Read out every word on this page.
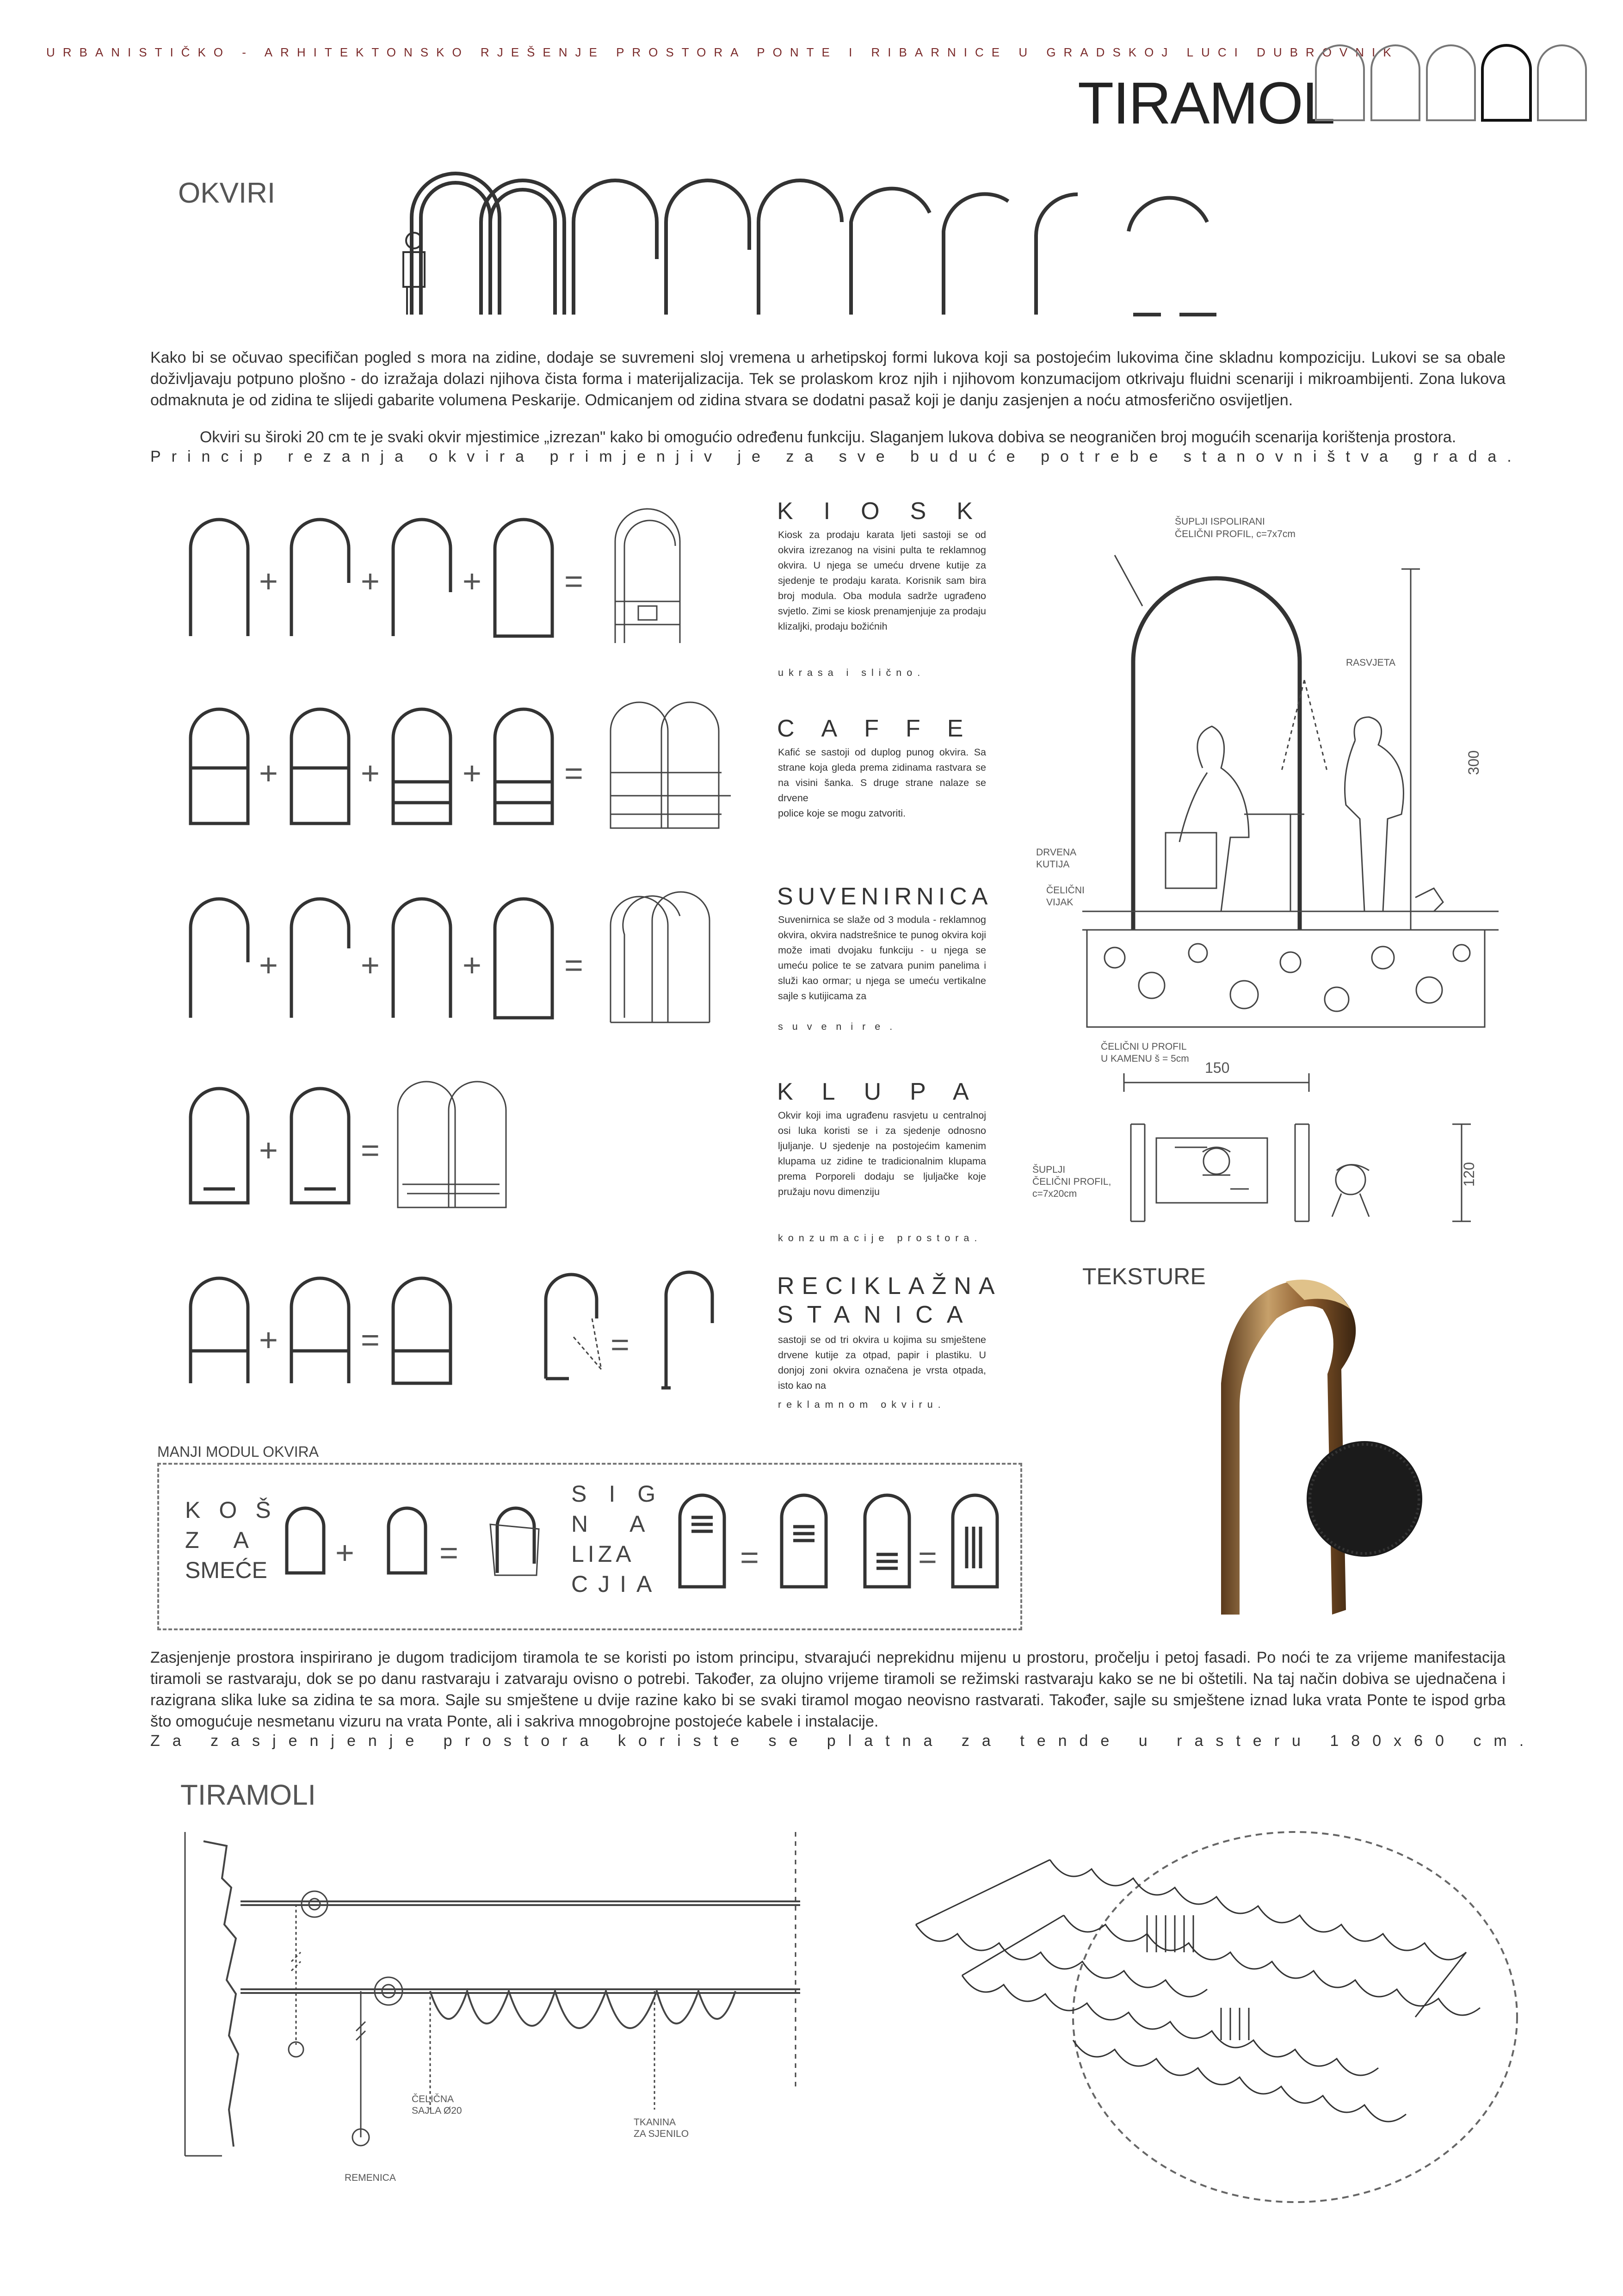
URBANISTIČKO - ARHITEKTONSKO RJEŠENJE PROSTORA PONTE I RIBARNICE U GRADSKOJ LUCI DUBROVNIK
TIRAMOL
OKVIRI
Kako bi se očuvao specifičan pogled s mora na zidine, dodaje se suvremeni sloj vremena u arhetipskoj formi lukova koji sa postojećim lukovima čine skladnu kompoziciju. Lukovi se sa obale doživljavaju potpuno plošno - do izražaja dolazi njihova čista forma i materijalizacija. Tek se prolaskom kroz njih i njihovom konzumacijom otkrivaju fluidni scenariji i mikroambijenti. Zona lukova odmaknuta je od zidina te slijedi gabarite volumena Peskarije. Odmicanjem od zidina stvara se dodatni pasaž koji je danju zasjenjen a noću atmosferično osvijetljen.
Okviri su široki 20 cm te je svaki okvir mjestimice „izrezan" kako bi omogućio određenu funkciju. Slaganjem lukova dobiva se neograničen broj mogućih scenarija korištenja prostora.
Princip rezanja okvira primjenjiv je za sve buduće potrebe stanovništva grada.
+	+	+	=
+	+	+	=
+	+	+	=
+	=
+	=	=
KIOSK
Kiosk za prodaju karata ljeti sastoji se od okvira izrezanog na visini pulta te reklamnog okvira. U njega se umeću drvene kutije za sjedenje te prodaju karata. Korisnik sam bira broj modula. Oba modula sadrže ugrađeno svjetlo. Zimi se kiosk prenamjenjuje za prodaju klizaljki, prodaju božićnih
ukrasa i slično.
CAFFE
Kafić se sastoji od duplog punog okvira. Sa strane koja gleda prema zidinama rastvara se na visini šanka. S druge strane nalaze se drvene
police koje se mogu zatvoriti.
SUVENIRNICA
Suvenirnica se slaže od 3 modula - reklamnog okvira, okvira nadstrešnice te punog okvira koji može imati dvojaku funkciju - u njega se umeću police te se zatvara punim panelima i služi kao ormar; u njega se umeću vertikalne sajle s kutijicama za
suvenire.
KLUPA
Okvir koji ima ugrađenu rasvjetu u centralnoj osi luka koristi se i za sjedenje odnosno ljuljanje. U sjedenje na postojećim kamenim klupama uz zidine te tradicionalnim klupama prema Porporeli dodaju se ljuljačke koje pružaju novu dimenziju
konzumacije prostora.
RECIKLAŽNA
STANICA
sastoji se od tri okvira u kojima su smještene drvene kutije za otpad, papir i plastiku. U donjoj zoni okvira označena je vrsta otpada, isto kao na
reklamnom okviru.
ŠUPLJI ISPOLIRANI
ČELIČNI PROFIL, c=7x7cm
RASVJETA
300
DRVENA
KUTIJA
ČELIČNI
VIJAK
ČELIČNI U PROFIL
U KAMENU š = 5cm
150
ŠUPLJI
ČELIČNI PROFIL,
c=7x20cm
120
TEKSTURE
MANJI MODUL OKVIRA
KOŠ
ZA
SMEĆE
SIG
NA
LIZA
CJIA
+	=	=	=
Zasjenjenje prostora inspirirano je dugom tradicijom tiramola te se koristi po istom principu, stvarajući neprekidnu mijenu u prostoru, pročelju i petoj fasadi. Po noći te za vrijeme manifestacija tiramoli se rastvaraju, dok se po danu rastvaraju i zatvaraju ovisno o potrebi. Također, za olujno vrijeme tiramoli se režimski rastvaraju kako se ne bi oštetili. Na taj način dobiva se ujednačena i razigrana slika luke sa zidina te sa mora. Sajle su smještene u dvije razine kako bi se svaki tiramol mogao neovisno rastvarati. Također, sajle su smještene iznad luka vrata Ponte te ispod grba što omogućuje nesmetanu vizuru na vrata Ponte, ali i sakriva mnogobrojne postojeće kabele i instalacije.
Za zasjenjenje prostora koriste se platna za tende u rasteru 180x60 cm.
TIRAMOLI
ČELIČNA
SAJLA Ø20
TKANINA
ZA SJENILO
REMENICA
